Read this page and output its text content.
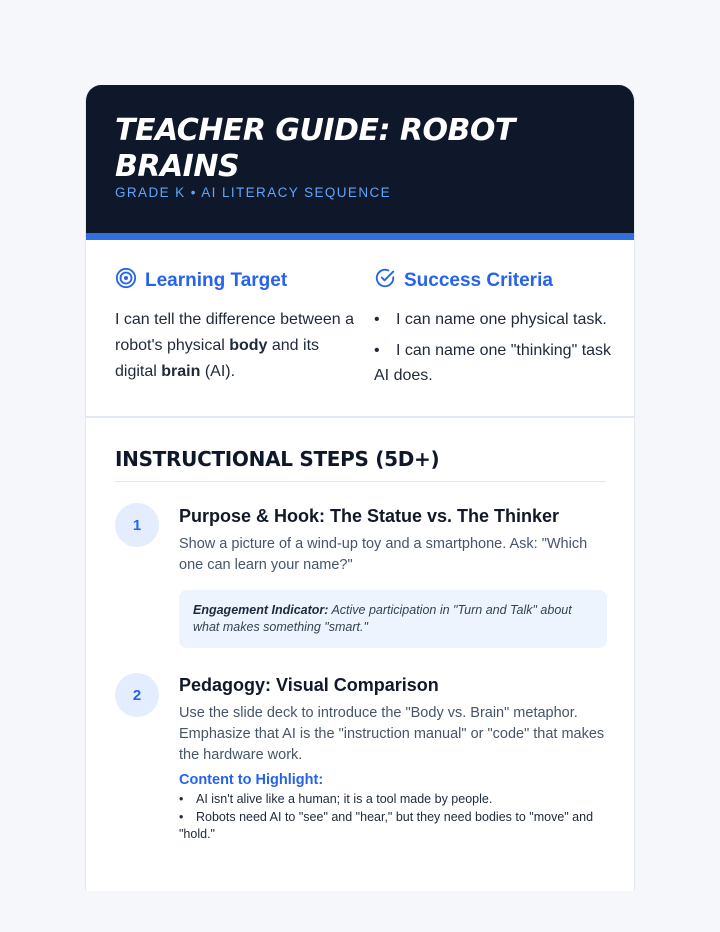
TEACHER GUIDE: ROBOT BRAINS
GRADE K • AI LITERACY SEQUENCE
Learning Target
I can tell the difference between a robot's physical body and its digital brain (AI).
Success Criteria
• I can name one physical task.
• I can name one "thinking" task AI does.
INSTRUCTIONAL STEPS (5D+)
1	Purpose & Hook: The Statue vs. The Thinker
Show a picture of a wind-up toy and a smartphone. Ask: "Which one can learn your name?"
Engagement Indicator: Active participation in "Turn and Talk" about what makes something "smart."
2	Pedagogy: Visual Comparison
Use the slide deck to introduce the "Body vs. Brain" metaphor. Emphasize that AI is the "instruction manual" or "code" that makes the hardware work.
Content to Highlight:
• AI isn't alive like a human; it is a tool made by people.
• Robots need AI to "see" and "hear," but they need bodies to "move" and "hold."
